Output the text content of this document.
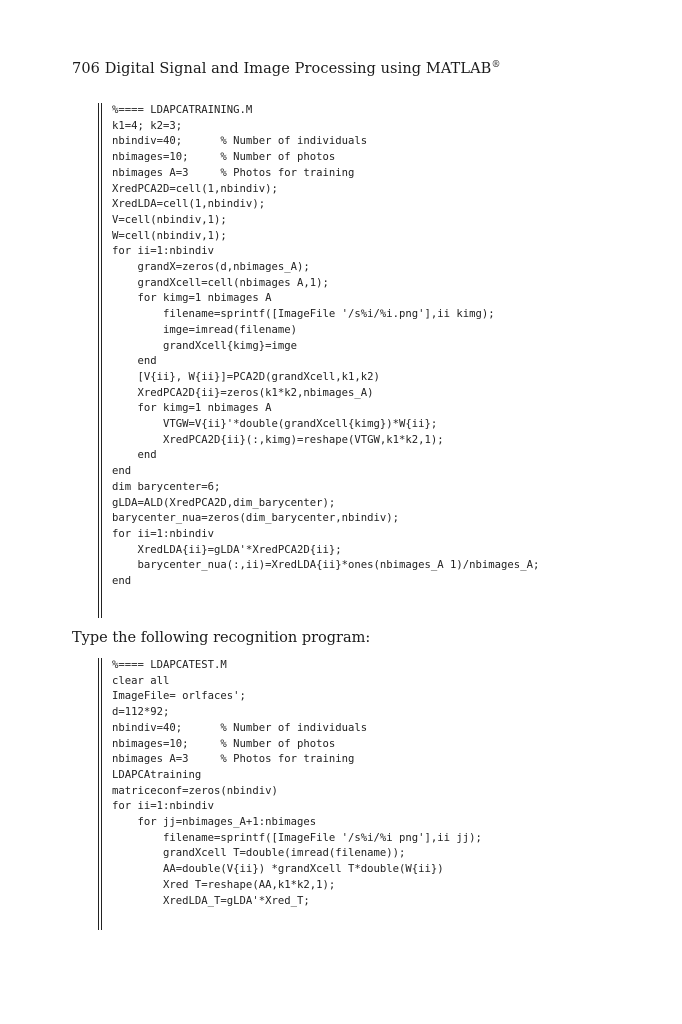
706 Digital Signal and Image Processing using MATLAB®
%==== LDAPCATRAINING.M
k1=4; k2=3;
nbindiv=40;      % Number of individuals
nbimages=10;     % Number of photos
nbimages A=3     % Photos for training
XredPCA2D=cell(1,nbindiv);
XredLDA=cell(1,nbindiv);
V=cell(nbindiv,1);
W=cell(nbindiv,1);
for ii=1:nbindiv
grandX=zeros(d,nbimages_A);
grandXcell=cell(nbimages A,1);
for kimg=1 nbimages A
filename=sprintf([ImageFile '/s%i/%i.png'],ii kimg);
imge=imread(filename)
grandXcell{kimg}=imge
end
[V{ii}, W{ii}]=PCA2D(grandXcell,k1,k2)
XredPCA2D{ii}=zeros(k1*k2,nbimages_A)
for kimg=1 nbimages A
VTGW=V{ii}'*double(grandXcell{kimg})*W{ii};
XredPCA2D{ii}(:,kimg)=reshape(VTGW,k1*k2,1);
end
end
dim barycenter=6;
gLDA=ALD(XredPCA2D,dim_barycenter);
barycenter_nua=zeros(dim_barycenter,nbindiv);
for ii=1:nbindiv
XredLDA{ii}=gLDA'*XredPCA2D{ii};
barycenter_nua(:,ii)=XredLDA{ii}*ones(nbimages_A 1)/nbimages_A;
end

Type the following recognition program:
%==== LDAPCATEST.M
clear all
ImageFile= orlfaces';
d=112*92;
nbindiv=40;      % Number of individuals
nbimages=10;     % Number of photos
nbimages A=3     % Photos for training
LDAPCAtraining
matriceconf=zeros(nbindiv)
for ii=1:nbindiv
for jj=nbimages_A+1:nbimages
filename=sprintf([ImageFile '/s%i/%i png'],ii jj);
grandXcell T=double(imread(filename));
AA=double(V{ii}) *grandXcell T*double(W{ii})
Xred T=reshape(AA,k1*k2,1);
XredLDA_T=gLDA'*Xred_T;
